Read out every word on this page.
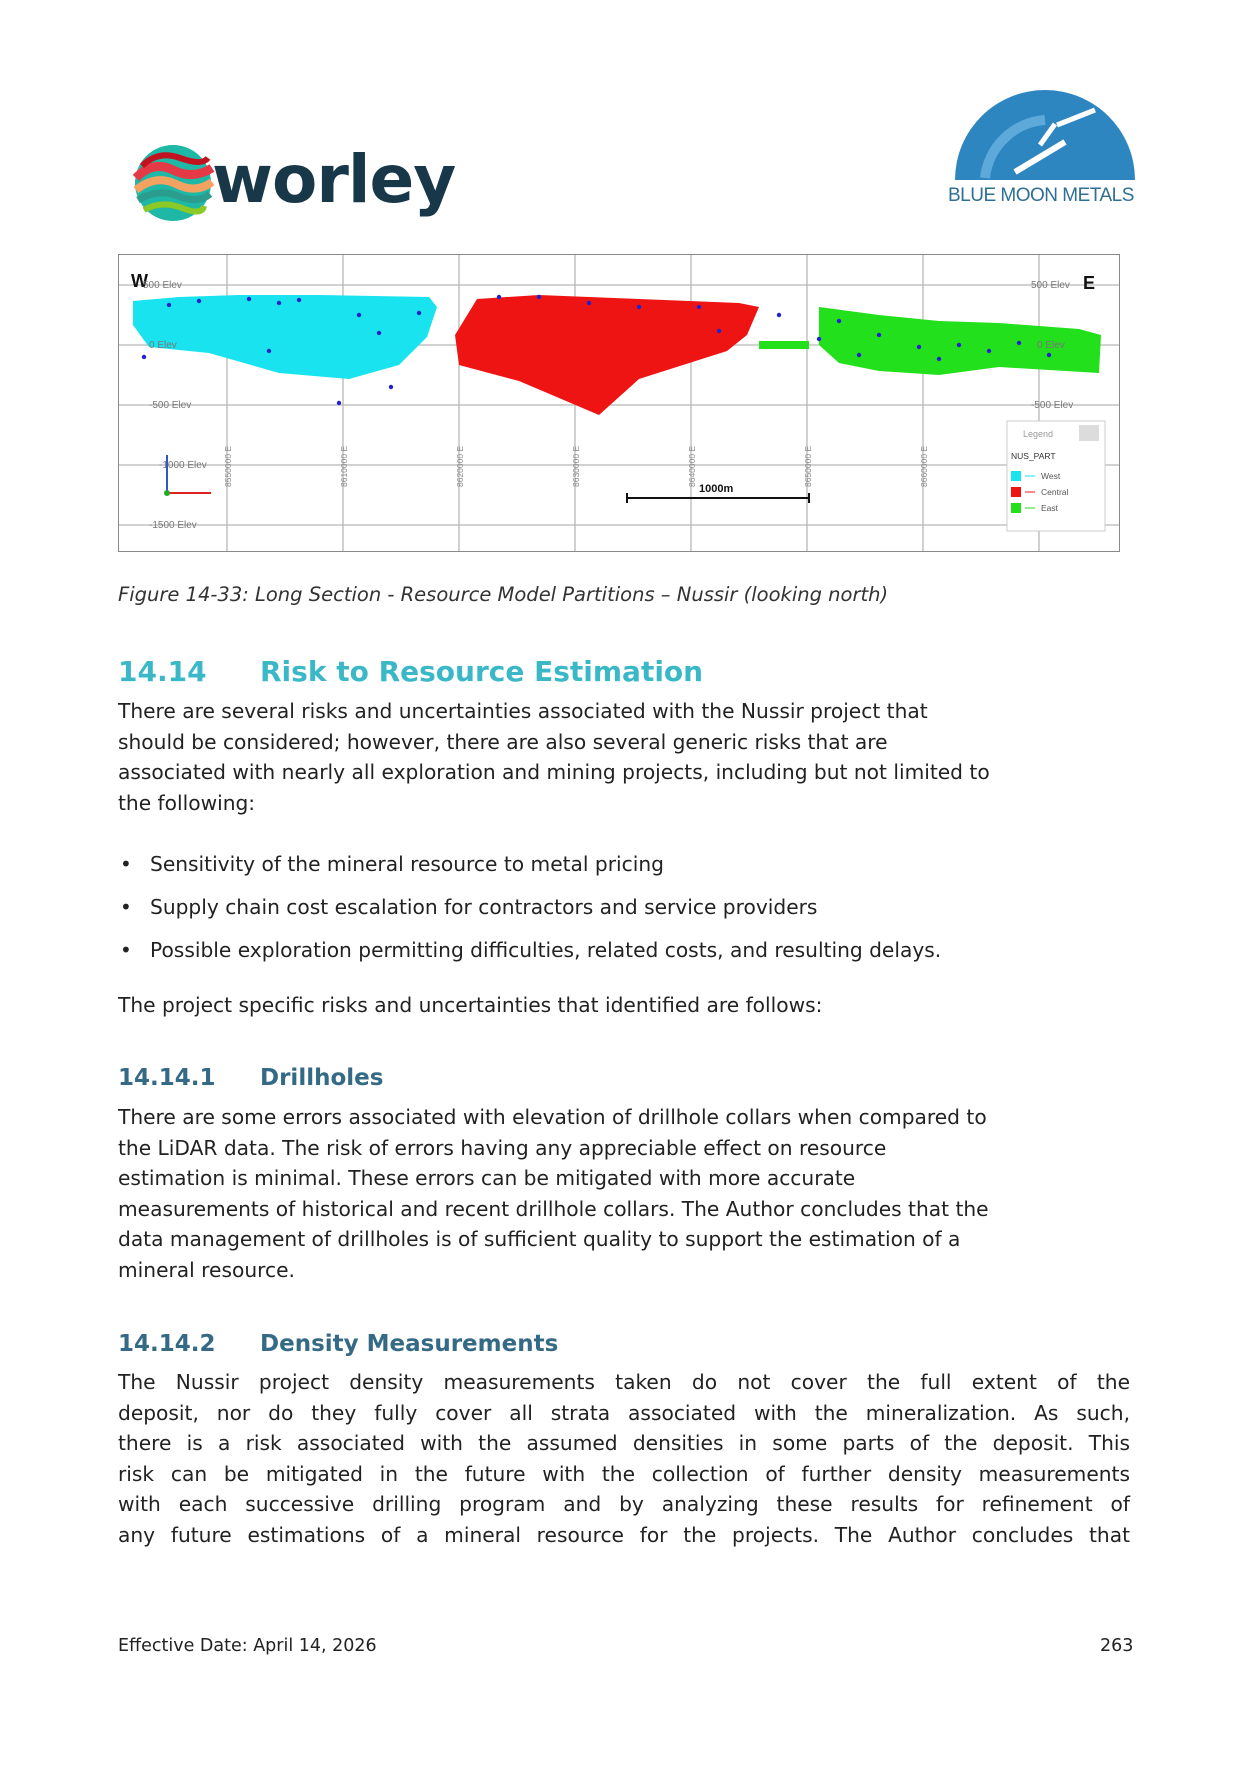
worley	BLUE MOON METALS
W	E
500 Elev
0 Elev
-500 Elev
-1000 Elev
-1500 Elev
500 Elev
0 Elev
-500 Elev
8550000 E	8610000 E	8620000 E	8630000 E	8640000 E	8650000 E	8660000 E
1000m
Legend
NUS_PART
West
Central
East
Figure 14-33: Long Section - Resource Model Partitions – Nussir (looking north)
14.14 Risk to Resource Estimation
There are several risks and uncertainties associated with the Nussir project that
should be considered; however, there are also several generic risks that are
associated with nearly all exploration and mining projects, including but not limited to
the following:
• Sensitivity of the mineral resource to metal pricing
• Supply chain cost escalation for contractors and service providers
• Possible exploration permitting difficulties, related costs, and resulting delays.
The project specific risks and uncertainties that identified are follows:
14.14.1 Drillholes
There are some errors associated with elevation of drillhole collars when compared to
the LiDAR data. The risk of errors having any appreciable effect on resource
estimation is minimal. These errors can be mitigated with more accurate
measurements of historical and recent drillhole collars. The Author concludes that the
data management of drillholes is of sufficient quality to support the estimation of a
mineral resource.
14.14.2 Density Measurements
The Nussir project density measurements taken do not cover the full extent of the
deposit, nor do they fully cover all strata associated with the mineralization. As such,
there is a risk associated with the assumed densities in some parts of the deposit. This
risk can be mitigated in the future with the collection of further density measurements
with each successive drilling program and by analyzing these results for refinement of
any future estimations of a mineral resource for the projects. The Author concludes that
Effective Date: April 14, 2026	263
